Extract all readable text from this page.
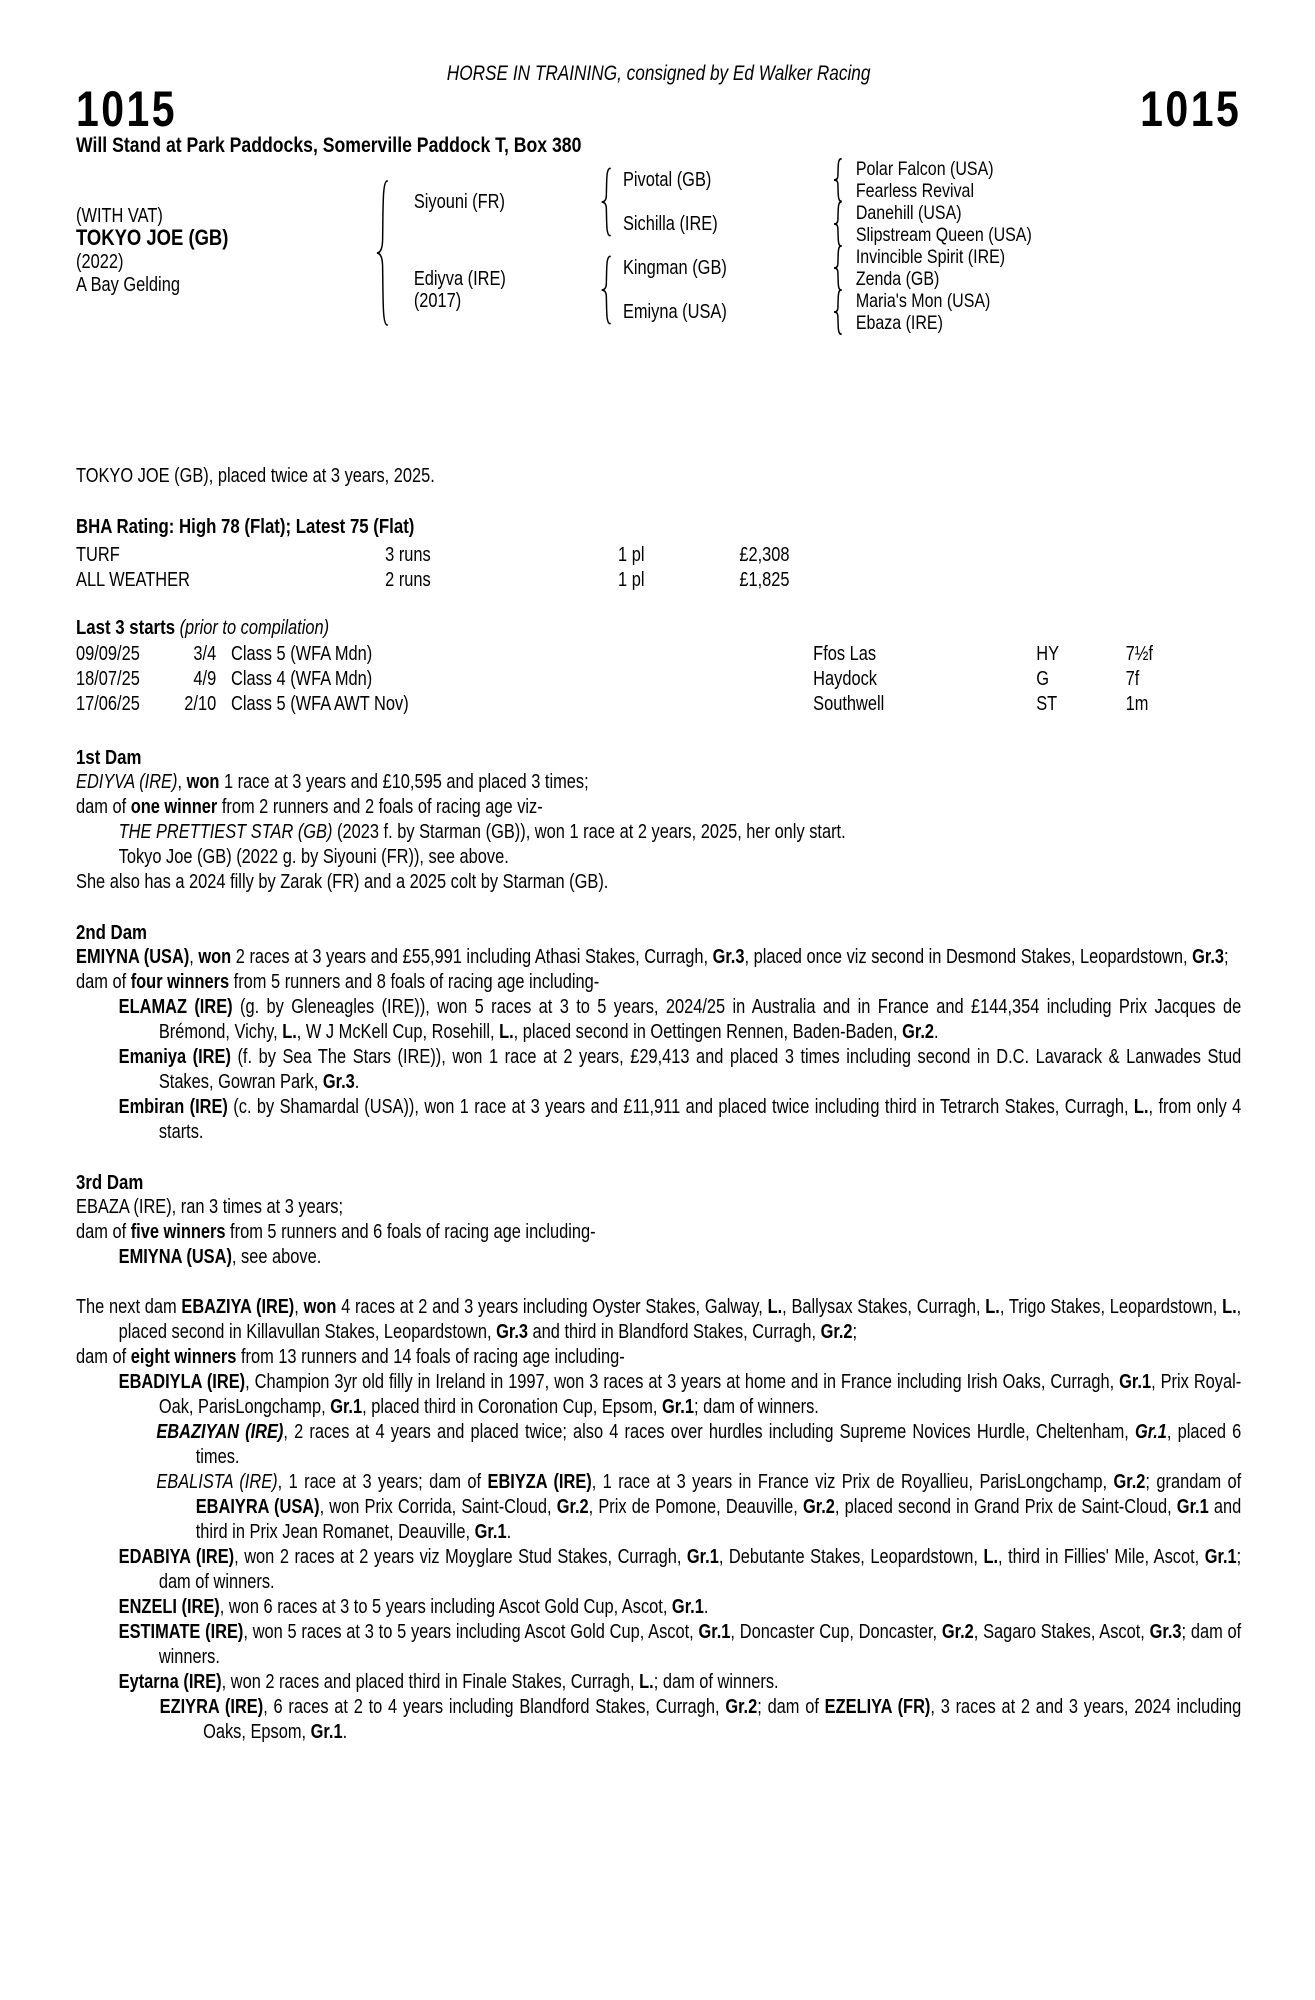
HORSE IN TRAINING, consigned by Ed Walker Racing

1015	1015

Will Stand at Park Paddocks, Somerville Paddock T, Box 380

(WITH VAT)
TOKYO JOE (GB)
(2022)
A Bay Gelding
Siyouni (FR)
Ediyva (IRE)
(2017)
Pivotal (GB)
Sichilla (IRE)
Kingman (GB)
Emiyna (USA)
Polar Falcon (USA)
Fearless Revival
Danehill (USA)
Slipstream Queen (USA)
Invincible Spirit (IRE)
Zenda (GB)
Maria's Mon (USA)
Ebaza (IRE)

TOKYO JOE (GB), placed twice at 3 years, 2025.

BHA Rating: High 78 (Flat); Latest 75 (Flat)

TURF	3 runs	1 pl	£2,308
ALL WEATHER	2 runs	1 pl	£1,825

Last 3 starts (prior to compilation)

09/09/25	3/4 Class 5 (WFA Mdn)	Ffos Las	HY	7½f
18/07/25	4/9 Class 4 (WFA Mdn)	Haydock	G	7f
17/06/25	2/10 Class 5 (WFA AWT Nov)	Southwell	ST	1m

1st Dam

EDIYVA (IRE), won 1 race at 3 years and £10,595 and placed 3 times;

dam of one winner from 2 runners and 2 foals of racing age viz-

THE PRETTIEST STAR (GB) (2023 f. by Starman (GB)), won 1 race at 2 years, 2025, her only start.

Tokyo Joe (GB) (2022 g. by Siyouni (FR)), see above.

She also has a 2024 filly by Zarak (FR) and a 2025 colt by Starman (GB).

2nd Dam

EMIYNA (USA), won 2 races at 3 years and £55,991 including Athasi Stakes, Curragh, Gr.3, placed once viz second in Desmond Stakes, Leopardstown, Gr.3;

dam of four winners from 5 runners and 8 foals of racing age including-

ELAMAZ (IRE) (g. by Gleneagles (IRE)), won 5 races at 3 to 5 years, 2024/25 in Australia and in France and £144,354 including Prix Jacques de Brémond, Vichy, L., W J McKell Cup, Rosehill, L., placed second in Oettingen Rennen, Baden-Baden, Gr.2.

Emaniya (IRE) (f. by Sea The Stars (IRE)), won 1 race at 2 years, £29,413 and placed 3 times including second in D.C. Lavarack & Lanwades Stud Stakes, Gowran Park, Gr.3.

Embiran (IRE) (c. by Shamardal (USA)), won 1 race at 3 years and £11,911 and placed twice including third in Tetrarch Stakes, Curragh, L., from only 4 starts.

3rd Dam

EBAZA (IRE), ran 3 times at 3 years;

dam of five winners from 5 runners and 6 foals of racing age including-

EMIYNA (USA), see above.

The next dam EBAZIYA (IRE), won 4 races at 2 and 3 years including Oyster Stakes, Galway, L., Ballysax Stakes, Curragh, L., Trigo Stakes, Leopardstown, L., placed second in Killavullan Stakes, Leopardstown, Gr.3 and third in Blandford Stakes, Curragh, Gr.2;

dam of eight winners from 13 runners and 14 foals of racing age including-

EBADIYLA (IRE), Champion 3yr old filly in Ireland in 1997, won 3 races at 3 years at home and in France including Irish Oaks, Curragh, Gr.1, Prix Royal-Oak, ParisLongchamp, Gr.1, placed third in Coronation Cup, Epsom, Gr.1; dam of winners.

EBAZIYAN (IRE), 2 races at 4 years and placed twice; also 4 races over hurdles including Supreme Novices Hurdle, Cheltenham, Gr.1, placed 6 times.

EBALISTA (IRE), 1 race at 3 years; dam of EBIYZA (IRE), 1 race at 3 years in France viz Prix de Royallieu, ParisLongchamp, Gr.2; grandam of EBAIYRA (USA), won Prix Corrida, Saint-Cloud, Gr.2, Prix de Pomone, Deauville, Gr.2, placed second in Grand Prix de Saint-Cloud, Gr.1 and third in Prix Jean Romanet, Deauville, Gr.1.

EDABIYA (IRE), won 2 races at 2 years viz Moyglare Stud Stakes, Curragh, Gr.1, Debutante Stakes, Leopardstown, L., third in Fillies' Mile, Ascot, Gr.1; dam of winners.

ENZELI (IRE), won 6 races at 3 to 5 years including Ascot Gold Cup, Ascot, Gr.1.

ESTIMATE (IRE), won 5 races at 3 to 5 years including Ascot Gold Cup, Ascot, Gr.1, Doncaster Cup, Doncaster, Gr.2, Sagaro Stakes, Ascot, Gr.3; dam of winners.

Eytarna (IRE), won 2 races and placed third in Finale Stakes, Curragh, L.; dam of winners.

EZIYRA (IRE), 6 races at 2 to 4 years including Blandford Stakes, Curragh, Gr.2; dam of EZELIYA (FR), 3 races at 2 and 3 years, 2024 including Oaks, Epsom, Gr.1.
